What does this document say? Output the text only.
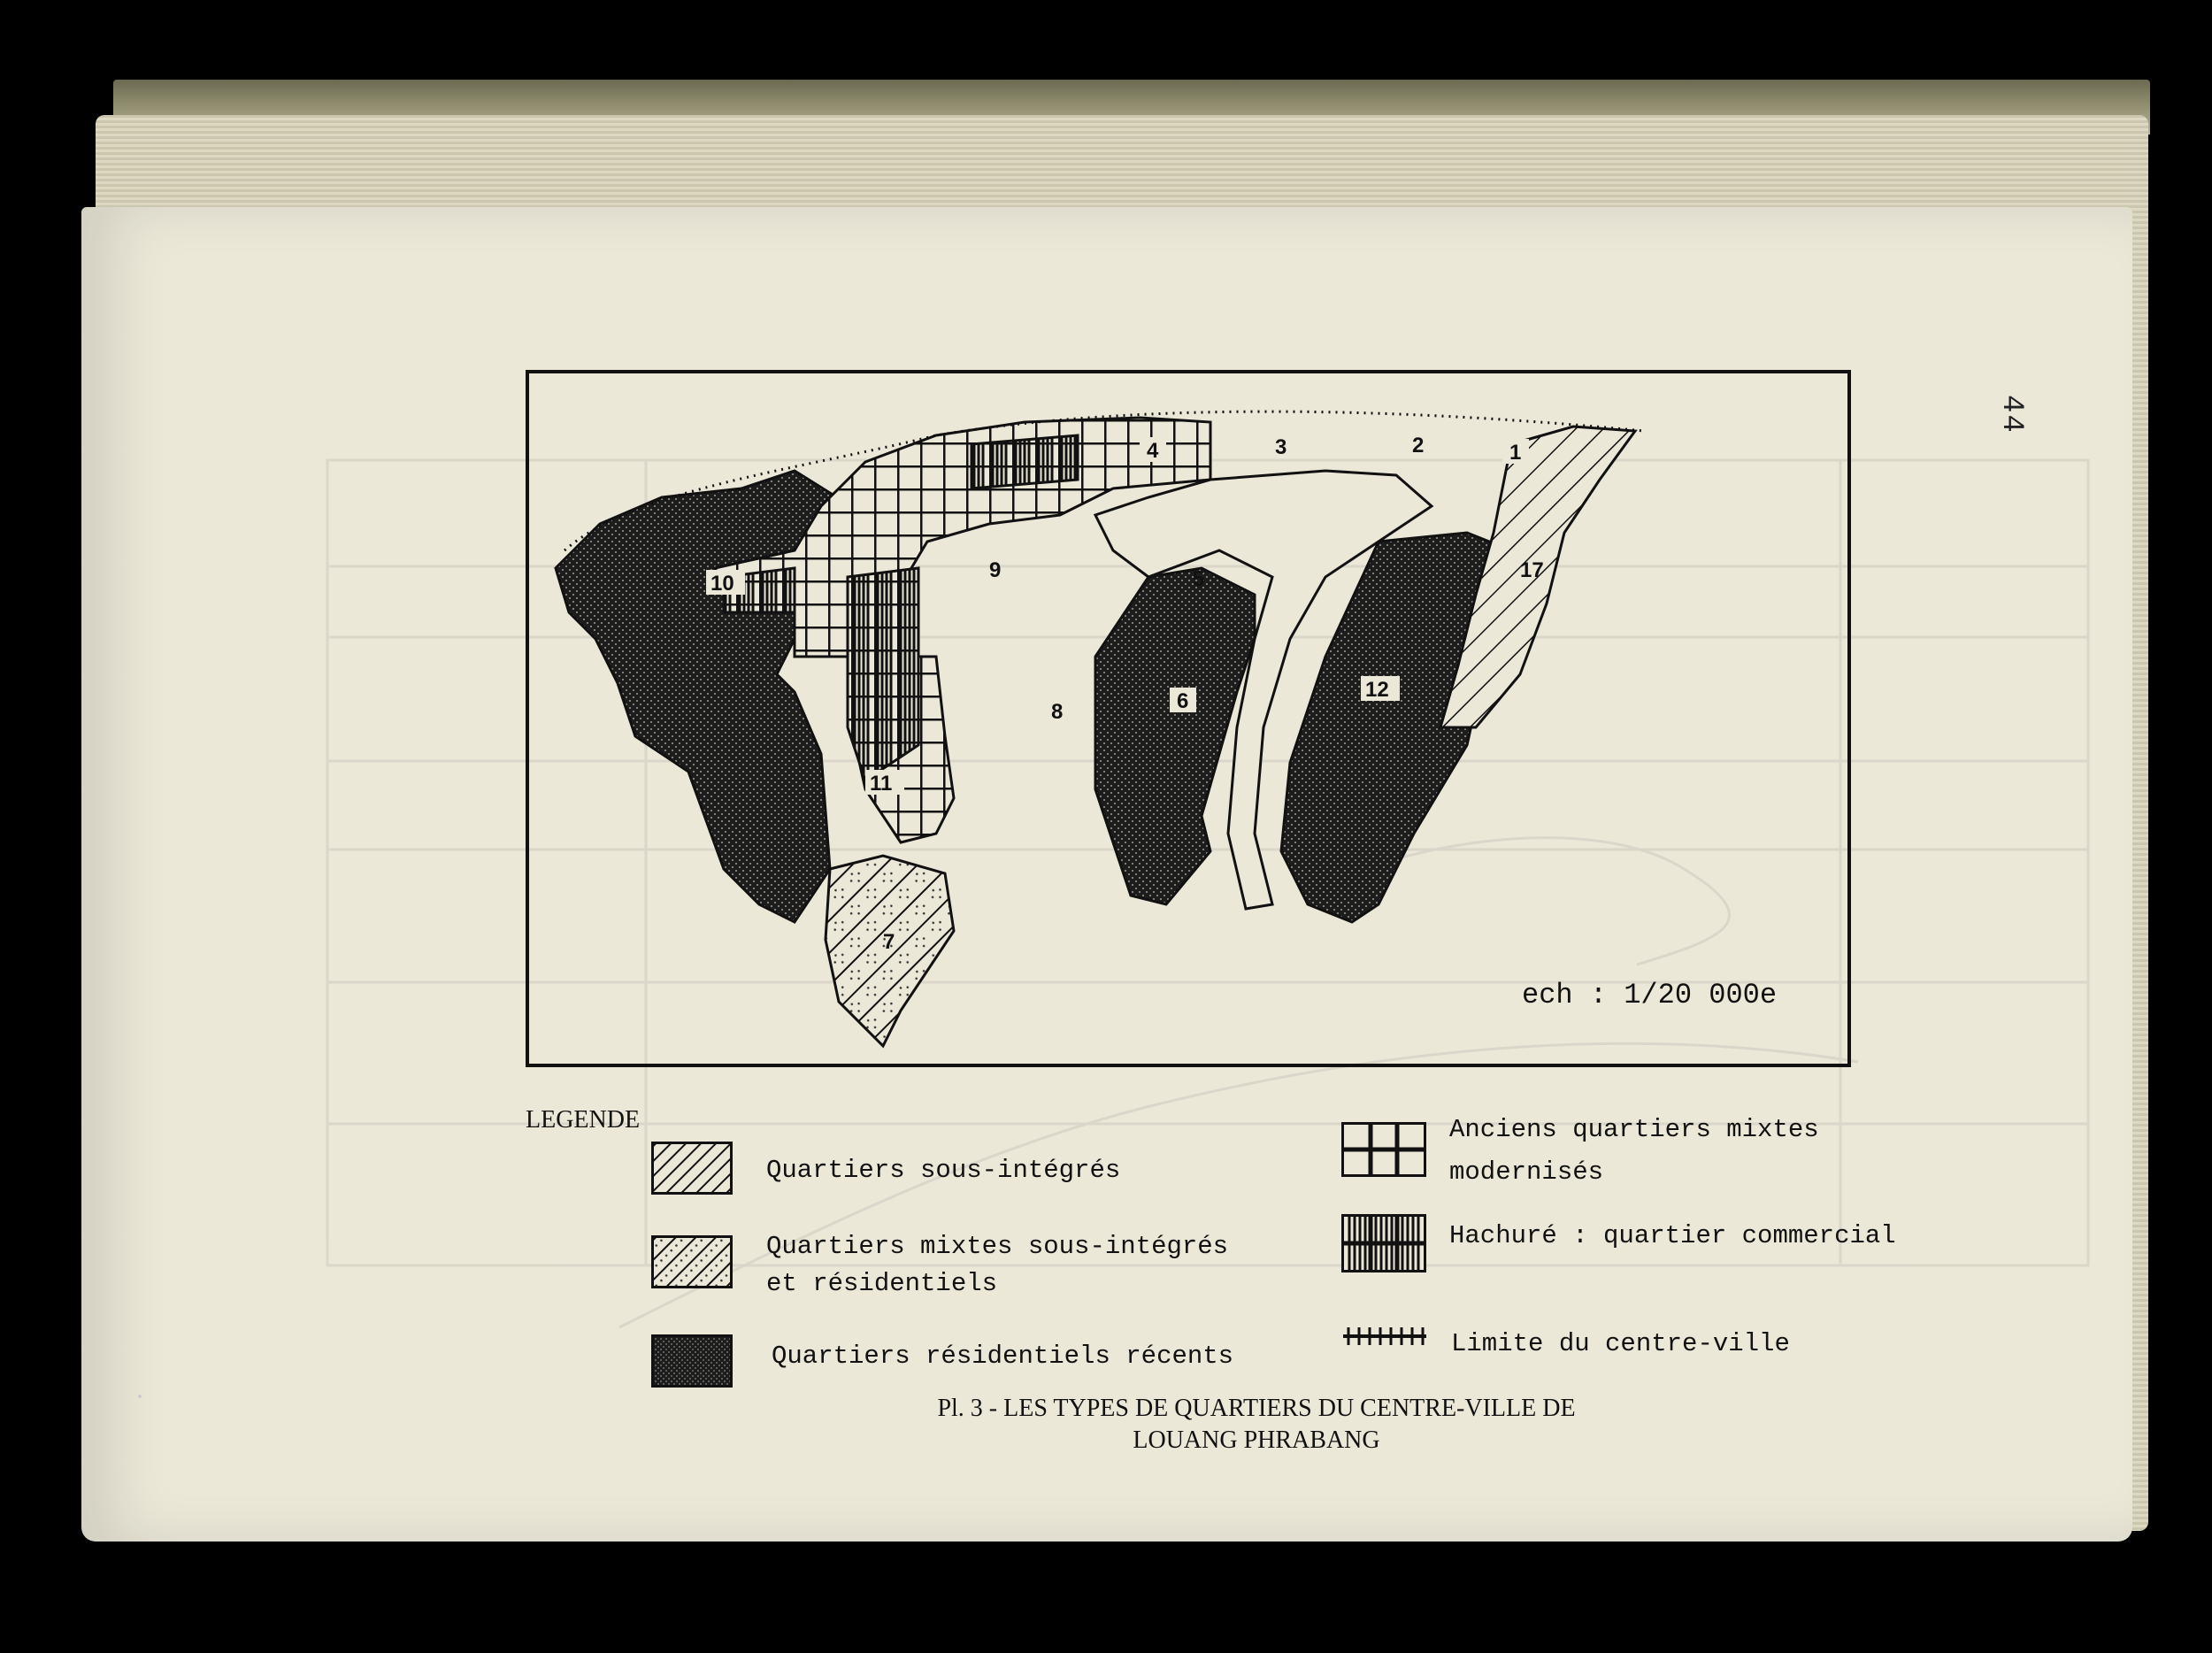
44
1
2
3
4
5
6
7
8
9
10
11
12
17
ech : 1/20 000e
LEGENDE
Quartiers sous-intégrés
Quartiers mixtes sous-intégrés
et résidentiels
Quartiers résidentiels récents
Anciens quartiers mixtes
modernisés
Hachuré : quartier commercial
Limite du centre-ville
Pl. 3 - LES TYPES DE QUARTIERS DU CENTRE-VILLE DE
LOUANG PHRABANG
